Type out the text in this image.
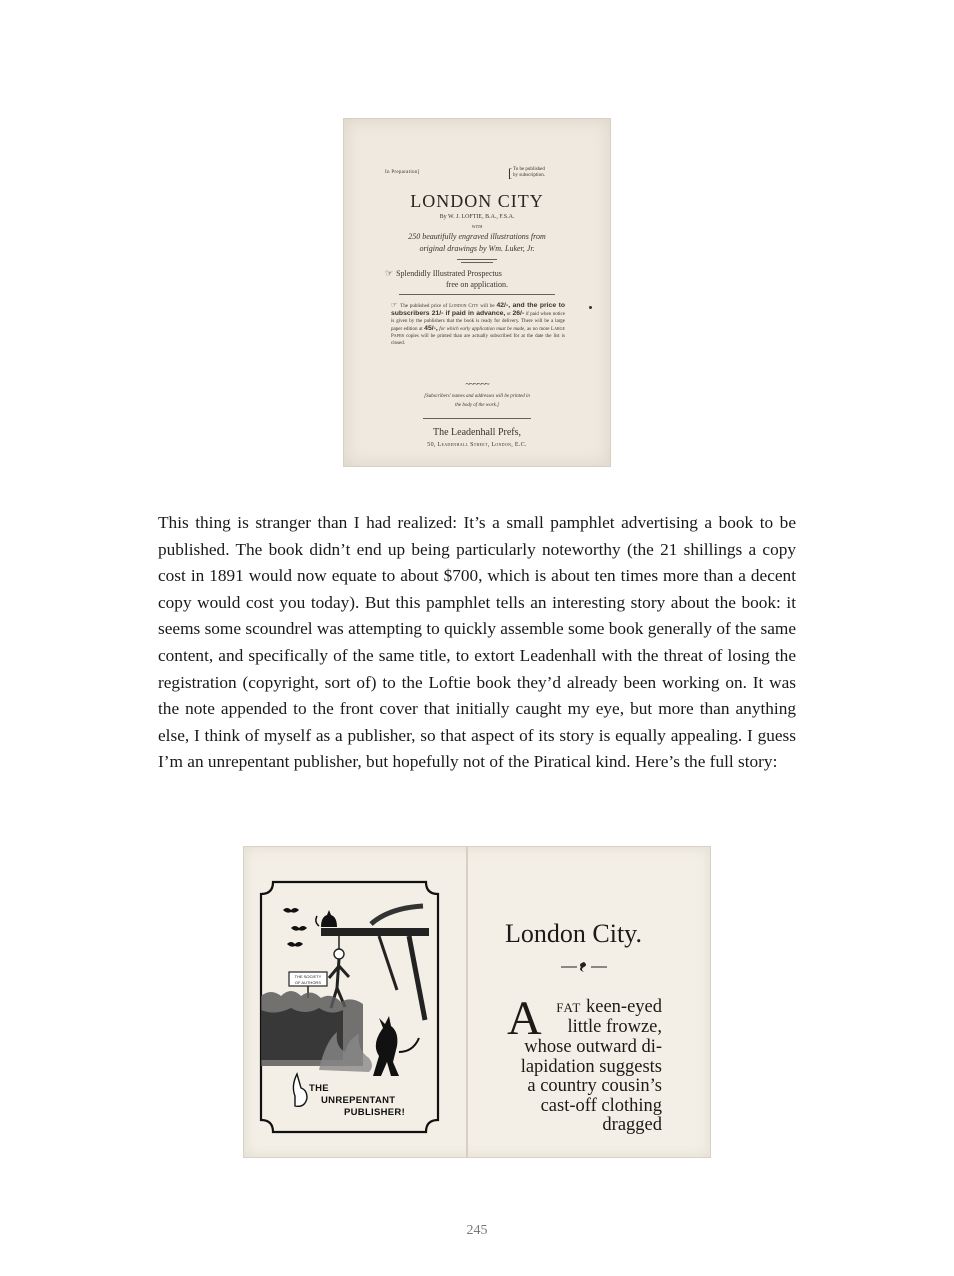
In Preparation]	[ To be published
by subscription.
LONDON CITY
By W. J. LOFTIE, B.A., F.S.A.
WITH
250 beautifully engraved illustrations from
original drawings by Wm. Luker, Jr.
☞ Splendidly Illustrated Prospectus
free on application.
☞ The published price of London City will be 42/-, and the price to subscribers 21/- if paid in advance, or 26/- if paid when notice is given by the publishers that the book is ready for delivery. There will be a large paper edition at 45/-, for which early application must be made, as no more Large Paper copies will be printed than are actually subscribed for at the date the list is closed.
~~~~~~
[Subscribers' names and addresses will be printed in
the body of the work.]
The Leadenhall Prefs,
50, Leadenhall Street, London, E.C.

This thing is stranger than I had realized: It’s a small pamphlet advertising a book to be published. The book didn’t end up being particularly noteworthy (the 21 shillings a copy cost in 1891 would now equate to about $700, which is about ten times more than a decent copy would cost you today). But this pamphlet tells an interesting story about the book: it seems some scoundrel was attempting to quickly assemble some book generally of the same content, and specifically of the same title, to extort Leadenhall with the threat of losing the registration (copyright, sort of) to the Loftie book they’d already been working on. It was the note appended to the front cover that initially caught my eye, but more than anything else, I think of myself as a publisher, so that aspect of its story is equally appealing. I guess I’m an unrepentant publisher, but hopefully not of the Piratical kind. Here’s the full story:

THE SOCIETY
OF AUTHORS
THE
UNREPENTANT
PUBLISHER!
London City.
A	FAT keen-eyed
little frowze,
whose outward di-
lapidation suggests
a country cousin’s
cast-off clothing
dragged
245
